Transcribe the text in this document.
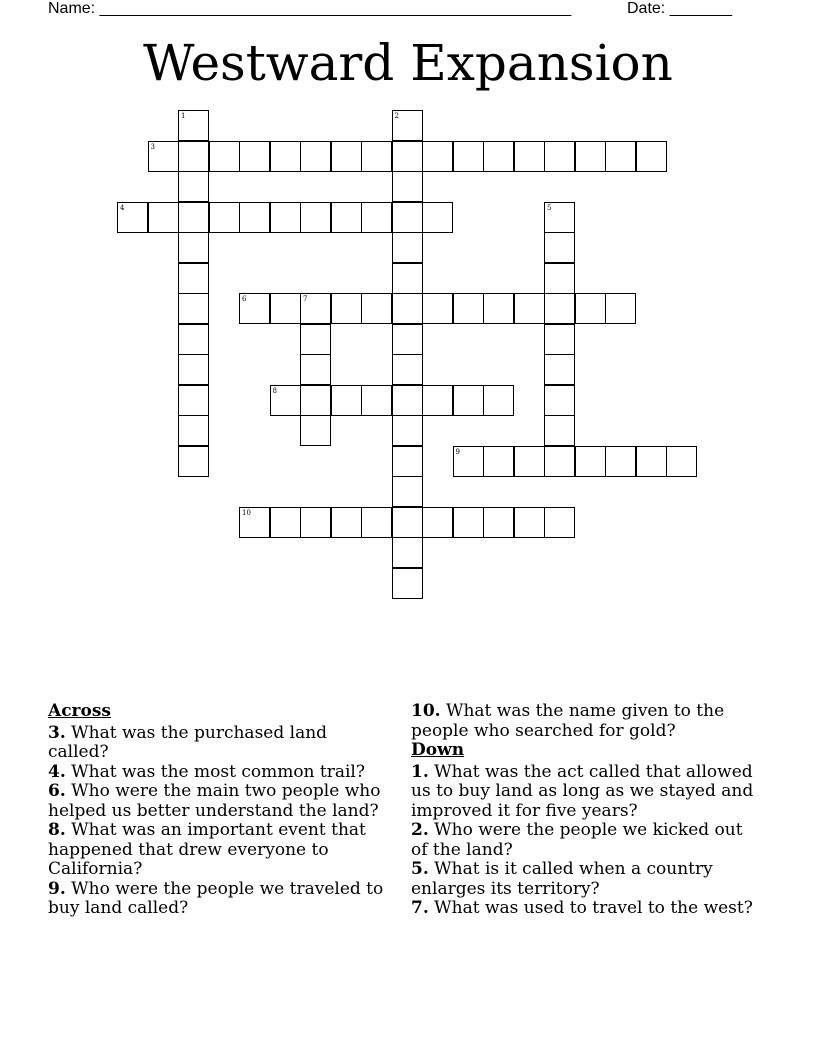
Name: _____________________________________________________	Date: _______
Westward Expansion
3
4
6	7
8
9
10
1	2
5
Across
3. What was the purchased land called?
4. What was the most common trail?
6. Who were the main two people who helped us better understand the land?
8. What was an important event that happened that drew everyone to California?
9. Who were the people we traveled to buy land called?
10. What was the name given to the people who searched for gold?
Down
1. What was the act called that allowed us to buy land as long as we stayed and improved it for five years?
2. Who were the people we kicked out of the land?
5. What is it called when a country enlarges its territory?
7. What was used to travel to the west?
